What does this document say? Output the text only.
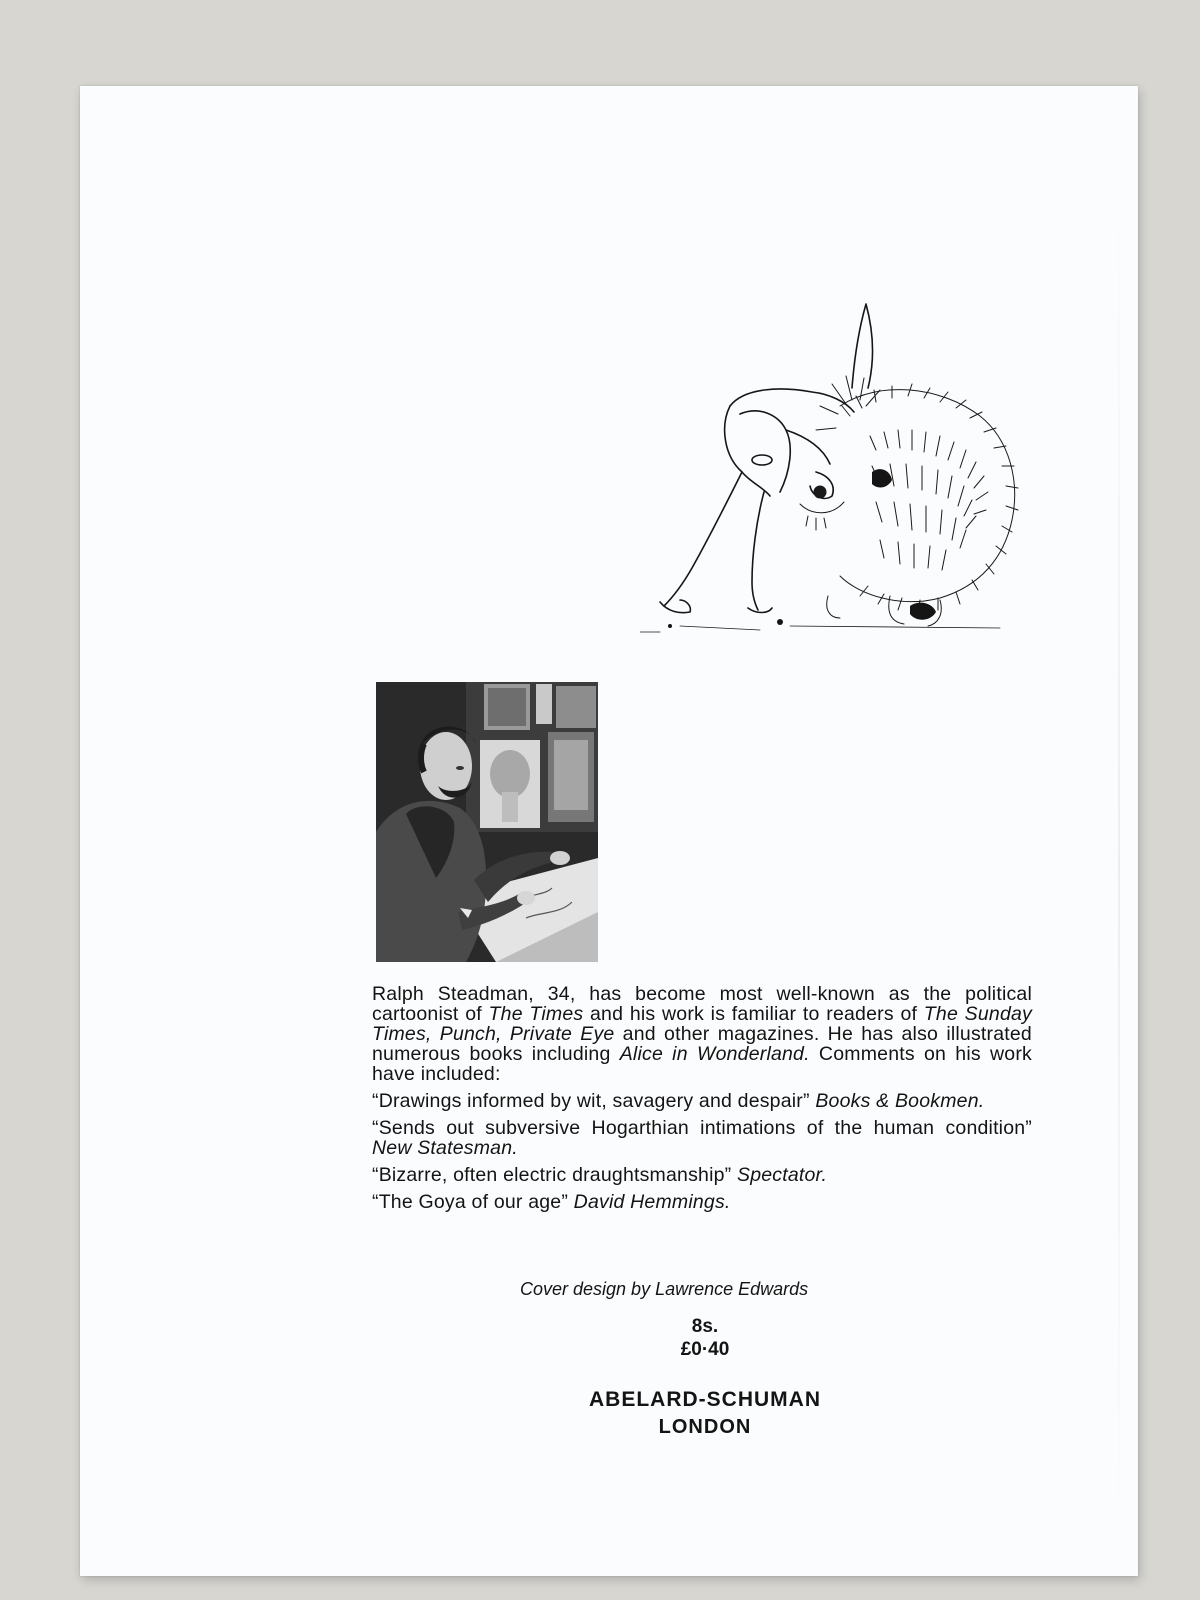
Ralph Steadman, 34, has become most well-known as the political cartoonist of The Times and his work is familiar to readers of The Sunday Times, Punch, Private Eye and other magazines. He has also illustrated numerous books including Alice in Wonderland. Comments on his work have included:

“Drawings informed by wit, savagery and despair” Books & Bookmen.

“Sends out subversive Hogarthian intimations of the human condition” New Statesman.

“Bizarre, often electric draughtsmanship” Spectator.

“The Goya of our age” David Hemmings.

Cover design by Lawrence Edwards
8s.
£0·40
ABELARD-SCHUMAN
LONDON
